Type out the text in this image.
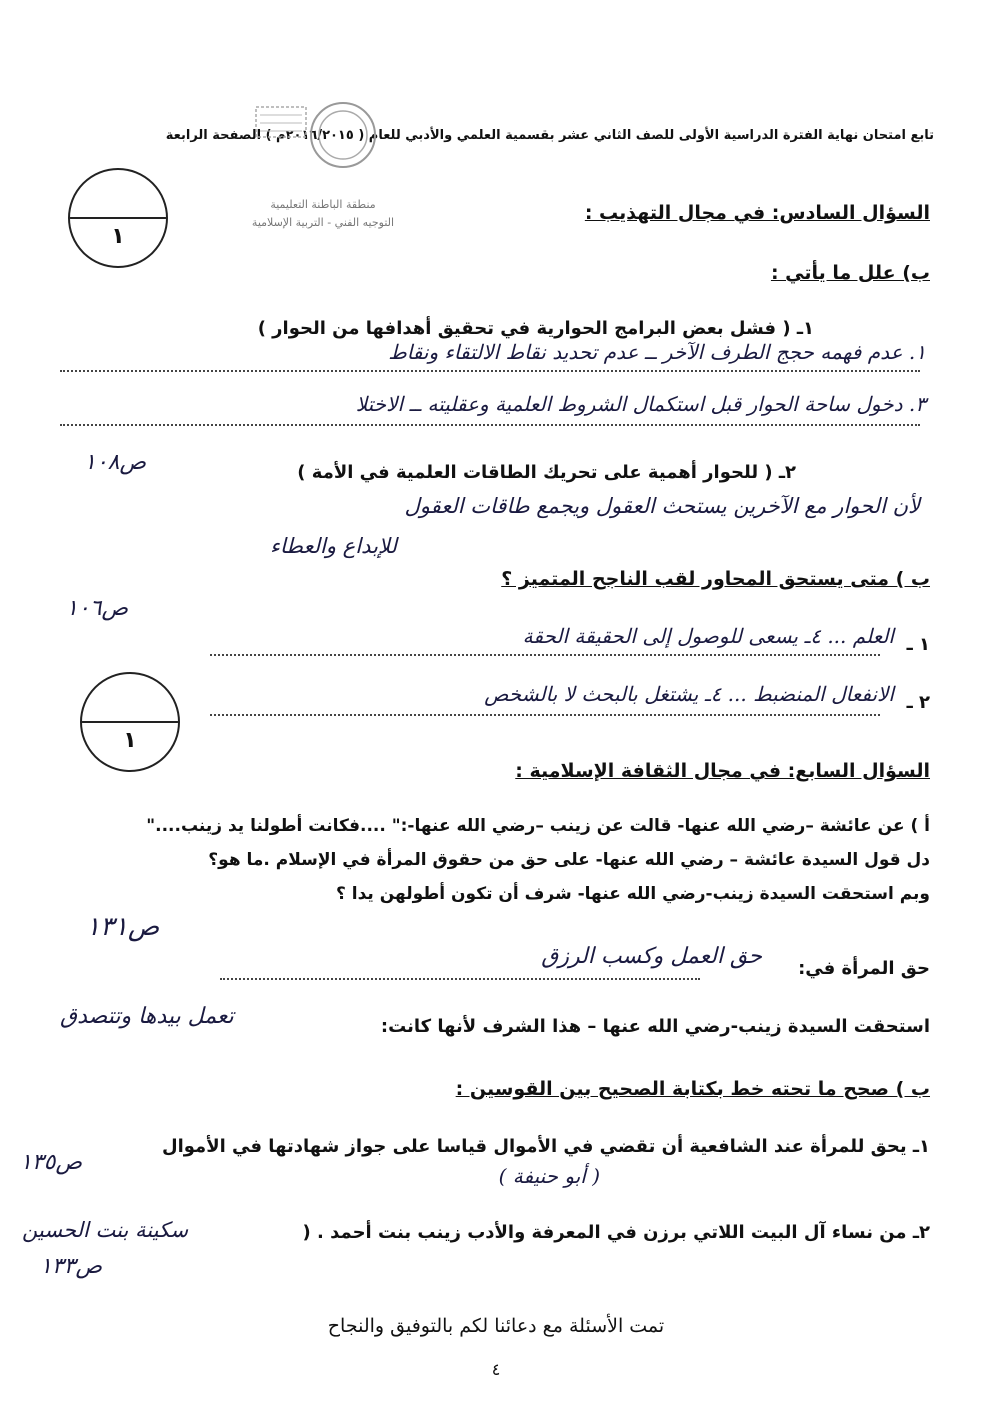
تابع امتحان نهاية الفترة الدراسية الأولى للصف الثاني عشر بقسمية العلمي والأدبي للعام ( ٢٠١٦/٢٠١٥م ) الصفحة الرابعة
منطقة الباطنة التعليمية
التوجيه الفني - التربية الإسلامية
١
السؤال السادس: في مجال التهذيب :
ب) علل ما يأتي :
١ـ ( فشل بعض البرامج الحوارية في تحقيق أهدافها من الحوار )
١. عدم فهمه حجج الطرف الآخر ــ عدم تحديد نقاط الالتقاء ونقاط
٣. دخول ساحة الحوار قبل استكمال الشروط العلمية وعقليته ــ الاختلا
ص١٠٨	٢ـ ( للحوار أهمية على تحريك الطاقات العلمية في الأمة )
لأن الحوار مع الآخرين يستحث العقول ويجمع طاقات العقول
للإبداع والعطاء
ب ) متى يستحق المحاور لقب الناجح المتميز ؟
ص١٠٦
١ ـ
العلم ... ٤ـ يسعى للوصول إلى الحقيقة الحقة
١
٢ ـ
الانفعال المنضبط ... ٤ـ يشتغل بالبحث لا بالشخص
السؤال السابع: في مجال الثقافة الإسلامية :
أ ) عن عائشة –رضي الله عنها- قالت عن زينب –رضي الله عنها-:" ....فكانت أطولنا يد زينب...."
دل قول السيدة عائشة – رضي الله عنها- على حق من حقوق المرأة في الإسلام .ما هو؟
وبم استحقت السيدة زينب-رضي الله عنها- شرف أن تكون أطولهن يدا ؟
ص١٣١
حق المرأة في:
حق العمل وكسب الرزق
استحقت السيدة زينب-رضي الله عنها – هذا الشرف لأنها كانت:
تعمل بيدها وتتصدق
ب ) صحح ما تحته خط بكتابة الصحيح بين القوسين :
١ـ يحق للمرأة عند الشافعية أن تقضي في الأموال قياسا على جواز شهادتها في الأموال
( أبو حنيفة )
ص١٣٥
٢ـ من نساء آل البيت اللاتي برزن في المعرفة والأدب زينب بنت أحمد . (
سكينة بنت الحسين
ص١٣٣
تمت الأسئلة مع دعائنا لكم بالتوفيق والنجاح
٤
